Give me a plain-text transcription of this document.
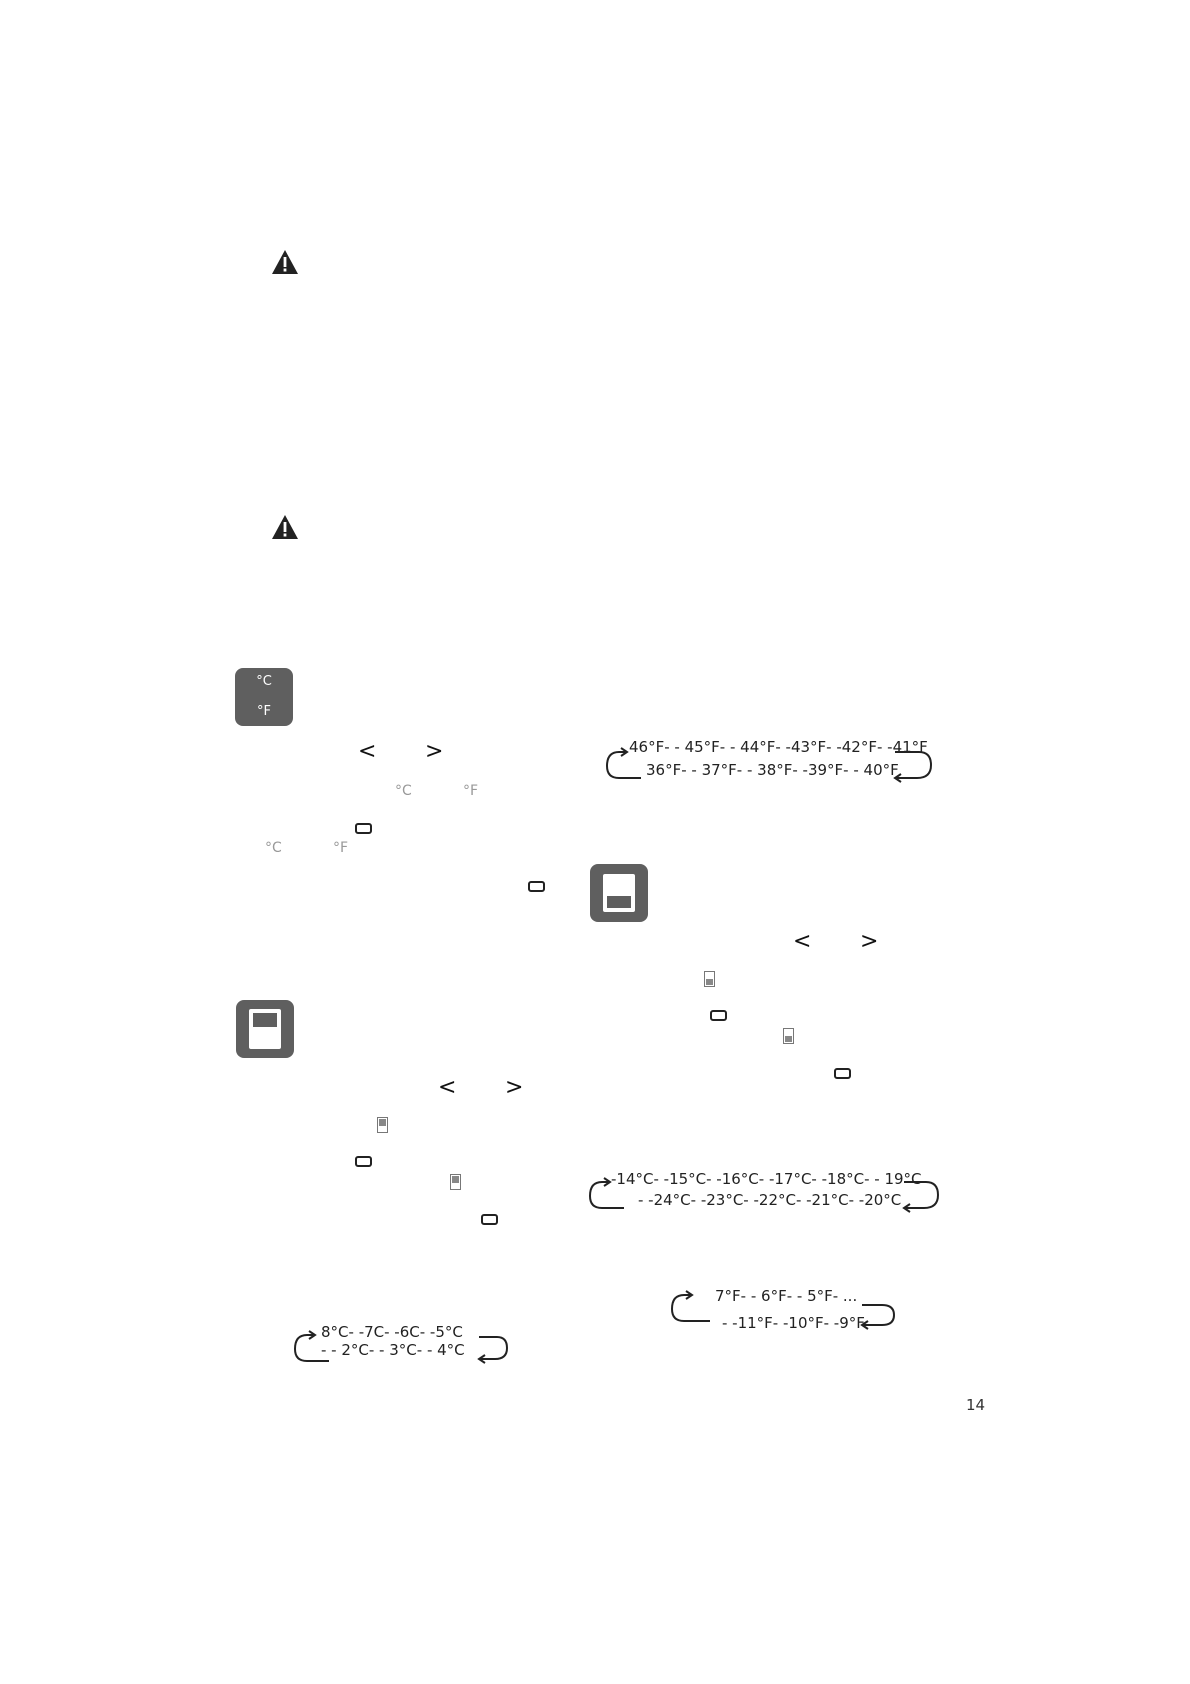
°C
°F
< >
°C	°F
°C	°F
46°F- - 45°F- - 44°F- -43°F- -42°F- -41°F
36°F- - 37°F- - 38°F- -39°F- - 40°F
< >
< >
-14°C- -15°C- -16°C- -17°C- -18°C- - 19°C
- -24°C- -23°C- -22°C- -21°C- -20°C
7°F- - 6°F- - 5°F- ...
- -11°F- -10°F- -9°F
8°C- -7C- -6C- -5°C
- - 2°C- - 3°C- - 4°C
14
